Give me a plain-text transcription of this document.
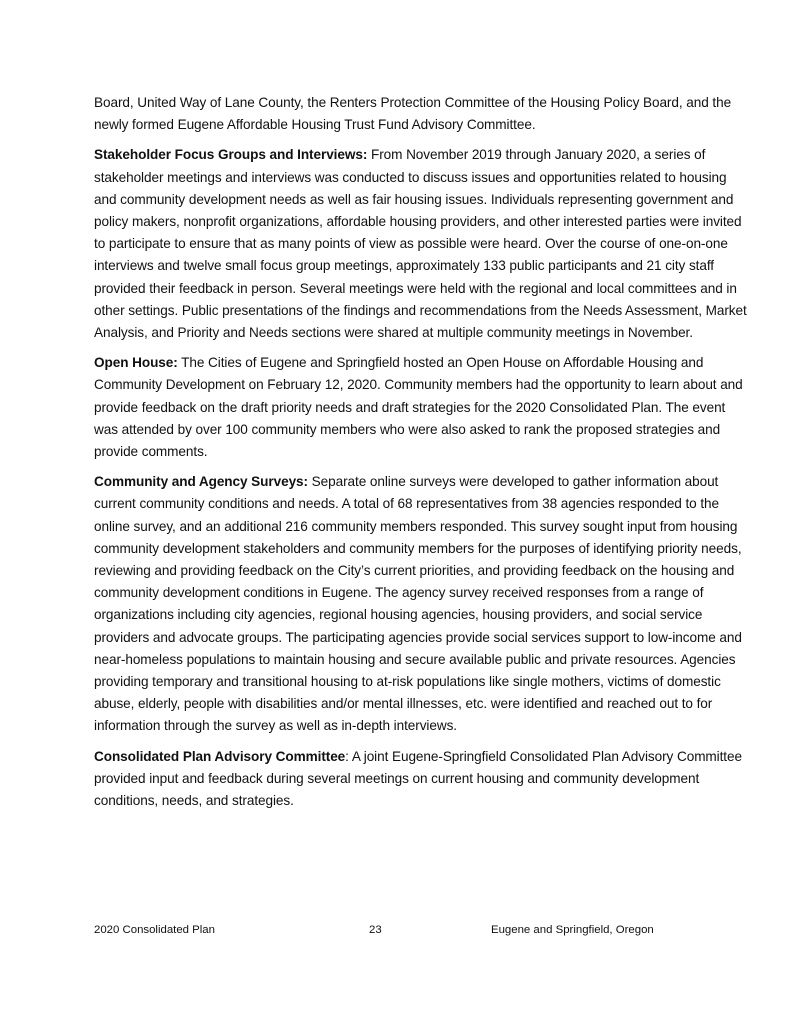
Board, United Way of Lane County, the Renters Protection Committee of the Housing Policy Board, and the newly formed Eugene Affordable Housing Trust Fund Advisory Committee.

Stakeholder Focus Groups and Interviews: From November 2019 through January 2020, a series of stakeholder meetings and interviews was conducted to discuss issues and opportunities related to housing and community development needs as well as fair housing issues. Individuals representing government and policy makers, nonprofit organizations, affordable housing providers, and other interested parties were invited to participate to ensure that as many points of view as possible were heard. Over the course of one-on-one interviews and twelve small focus group meetings, approximately 133 public participants and 21 city staff provided their feedback in person. Several meetings were held with the regional and local committees and in other settings. Public presentations of the findings and recommendations from the Needs Assessment, Market Analysis, and Priority and Needs sections were shared at multiple community meetings in November.

Open House: The Cities of Eugene and Springfield hosted an Open House on Affordable Housing and Community Development on February 12, 2020. Community members had the opportunity to learn about and provide feedback on the draft priority needs and draft strategies for the 2020 Consolidated Plan. The event was attended by over 100 community members who were also asked to rank the proposed strategies and provide comments.

Community and Agency Surveys: Separate online surveys were developed to gather information about current community conditions and needs. A total of 68 representatives from 38 agencies responded to the online survey, and an additional 216 community members responded. This survey sought input from housing community development stakeholders and community members for the purposes of identifying priority needs, reviewing and providing feedback on the City’s current priorities, and providing feedback on the housing and community development conditions in Eugene. The agency survey received responses from a range of organizations including city agencies, regional housing agencies, housing providers, and social service providers and advocate groups. The participating agencies provide social services support to low-income and near-homeless populations to maintain housing and secure available public and private resources. Agencies providing temporary and transitional housing to at-risk populations like single mothers, victims of domestic abuse, elderly, people with disabilities and/or mental illnesses, etc. were identified and reached out to for information through the survey as well as in-depth interviews.

Consolidated Plan Advisory Committee: A joint Eugene-Springfield Consolidated Plan Advisory Committee provided input and feedback during several meetings on current housing and community development conditions, needs, and strategies.

2020 Consolidated Plan	23	Eugene and Springfield, Oregon
